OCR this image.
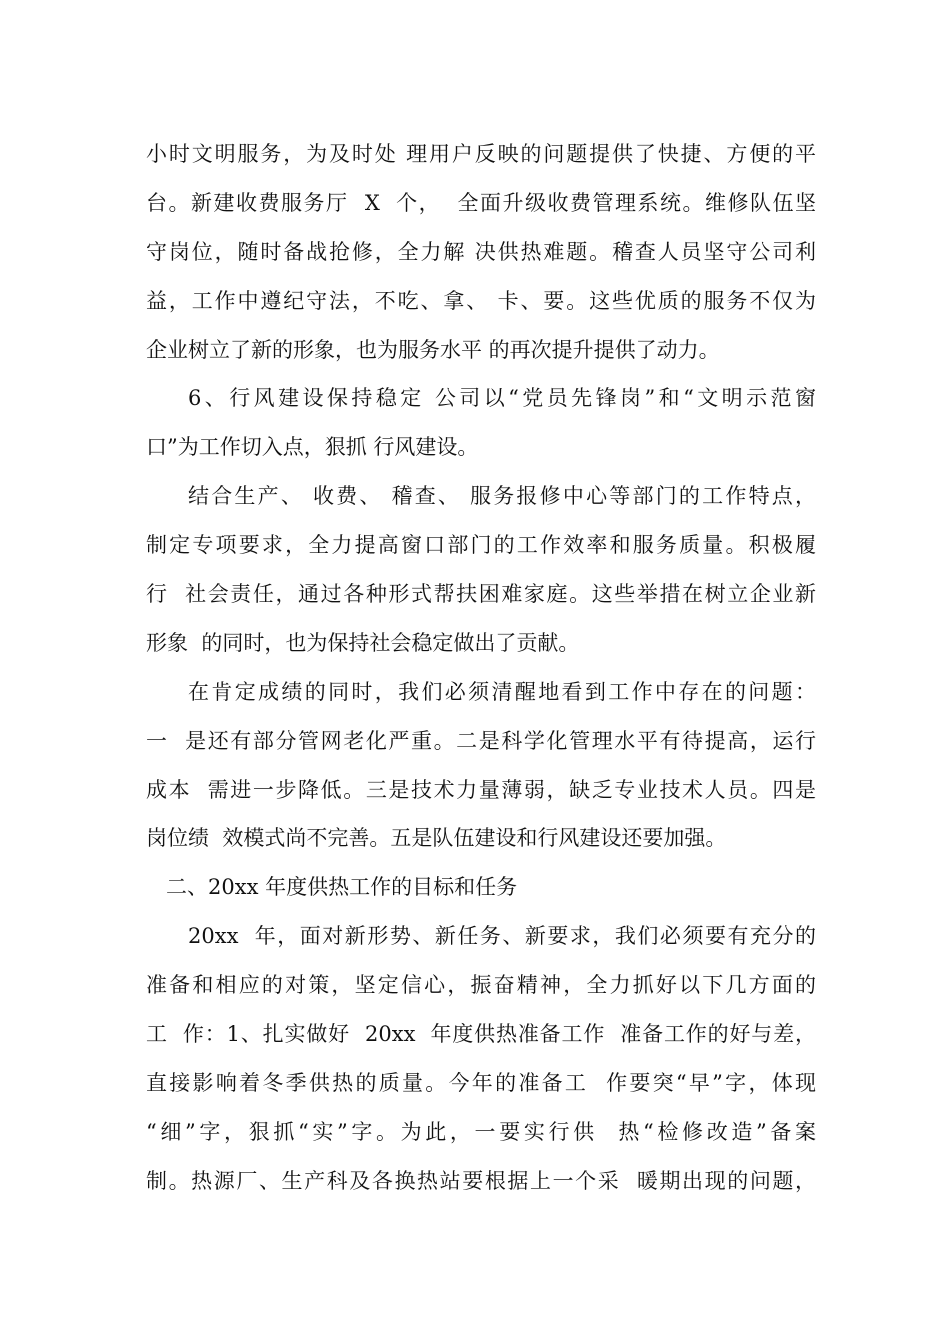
小时文明服务，为及时处 理用户反映的问题提供了快捷、方便的平
台。新建收费服务厅  X  个，  全面升级收费管理系统。维修队伍坚
守岗位，随时备战抢修，全力解 决供热难题。稽查人员坚守公司利
益，工作中遵纪守法，不吃、拿、 卡、要。这些优质的服务不仅为
企业树立了新的形象，也为服务水平 的再次提升提供了动力。
6、行风建设保持稳定 公司以“党员先锋岗”和“文明示范窗
口”为工作切入点，狠抓 行风建设。
结合生产、 收费、 稽查、 服务报修中心等部门的工作特点，
制定专项要求，全力提高窗口部门的工作效率和服务质量。积极履
行  社会责任，通过各种形式帮扶困难家庭。这些举措在树立企业新
形象  的同时，也为保持社会稳定做出了贡献。
在肯定成绩的同时，我们必须清醒地看到工作中存在的问题：
一  是还有部分管网老化严重。二是科学化管理水平有待提高，运行
成本  需进一步降低。三是技术力量薄弱，缺乏专业技术人员。四是
岗位绩  效模式尚不完善。五是队伍建设和行风建设还要加强。
二、20xx 年度供热工作的目标和任务
20xx  年，面对新形势、新任务、新要求，我们必须要有充分的
准备和相应的对策，坚定信心，振奋精神，全力抓好以下几方面的
工  作：1、扎实做好  20xx  年度供热准备工作  准备工作的好与差，
直接影响着冬季供热的质量。今年的准备工  作要突“早”字，体现
“细”字，狠抓“实”字。为此，一要实行供  热“检修改造”备案
制。热源厂、生产科及各换热站要根据上一个采  暖期出现的问题，
